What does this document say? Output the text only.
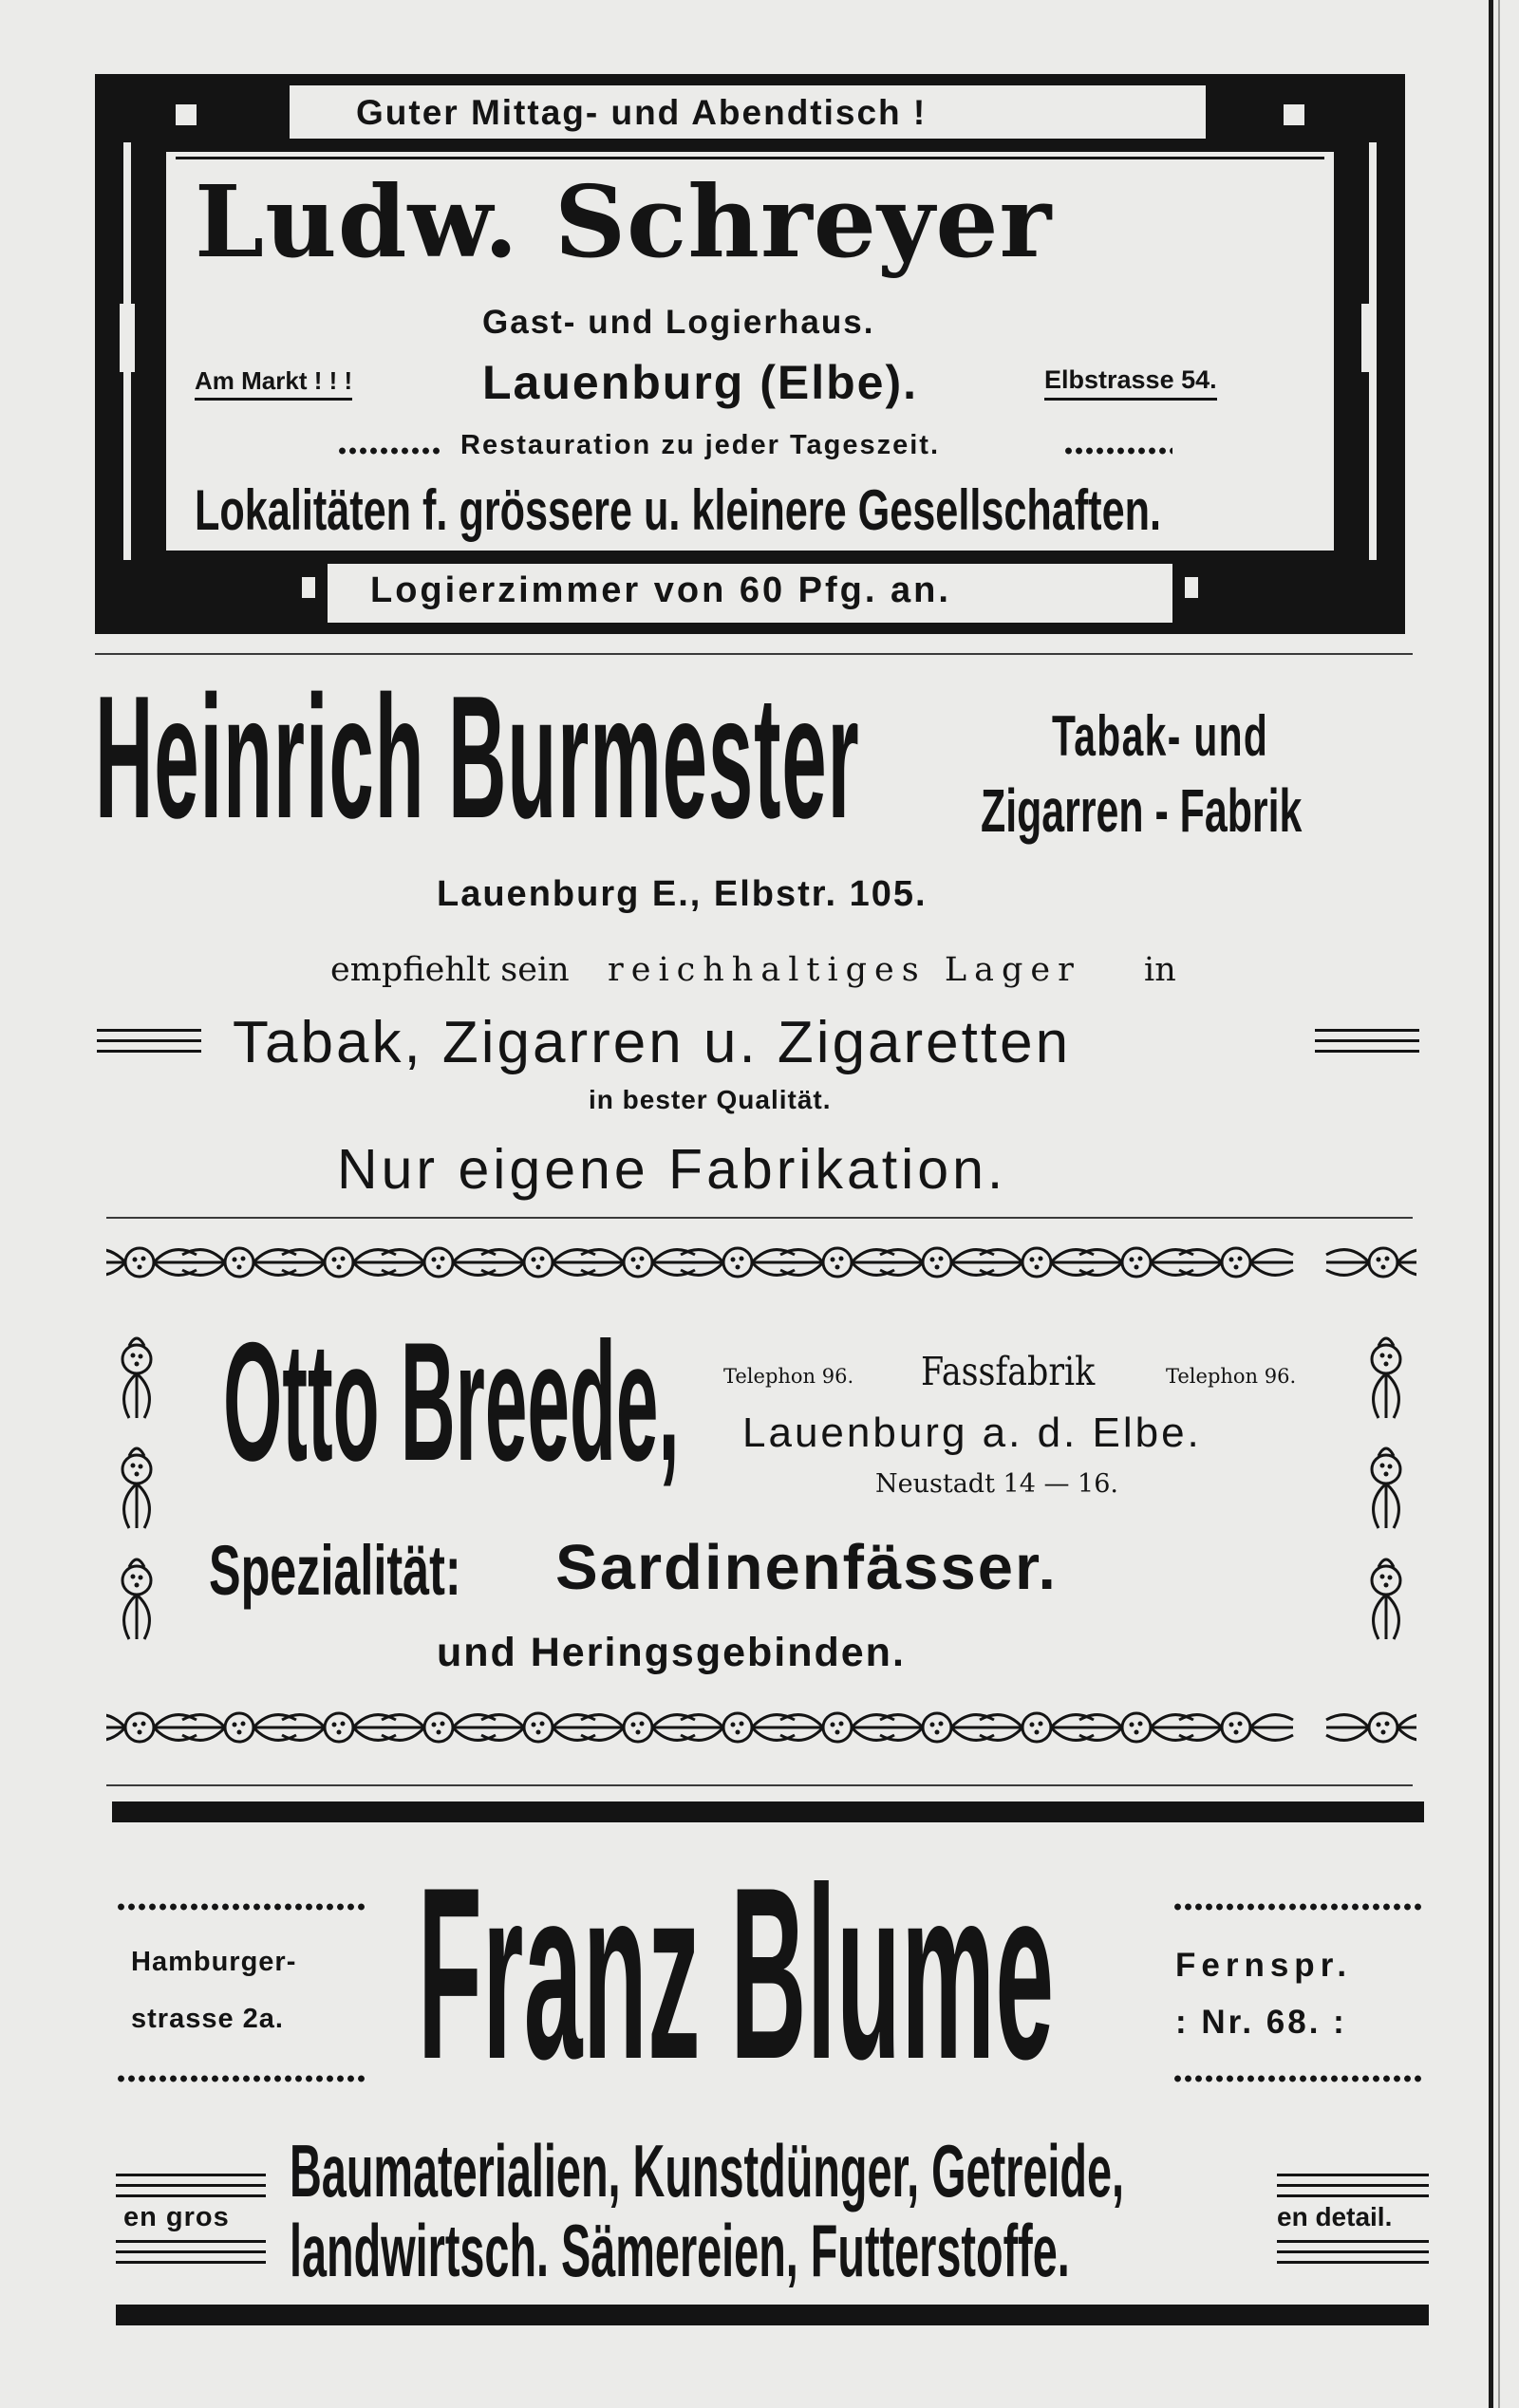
Guter Mittag- und Abendtisch !
Ludw. Schreyer
Gast- und Logierhaus.
Am Markt ! ! !	Lauenburg (Elbe).	Elbstrasse 54.
Restauration zu jeder Tageszeit.
Lokalitäten f. grössere u. kleinere Gesellschaften.
Logierzimmer von 60 Pfg. an.
Heinrich Burmester	Tabak- und
Zigarren - Fabrik
Lauenburg E., Elbstr. 105.
empfiehlt sein reichhaltiges Lager in
Tabak, Zigarren u. Zigaretten
in bester Qualität.
Nur eigene Fabrikation.
Otto Breede, Telephon 96. Fassfabrik	Telephon 96.
Lauenburg a. d. Elbe.
Neustadt 14 — 16.
Spezialität: Sardinenfässer.
und Heringsgebinden.
Hamburger-
strasse 2a. Franz Blume	Fernspr.
: Nr. 68. :
Baumaterialien, Kunstdünger, Getreide,
landwirtsch. Sämereien, Futterstoffe.
en gros	en detail.
